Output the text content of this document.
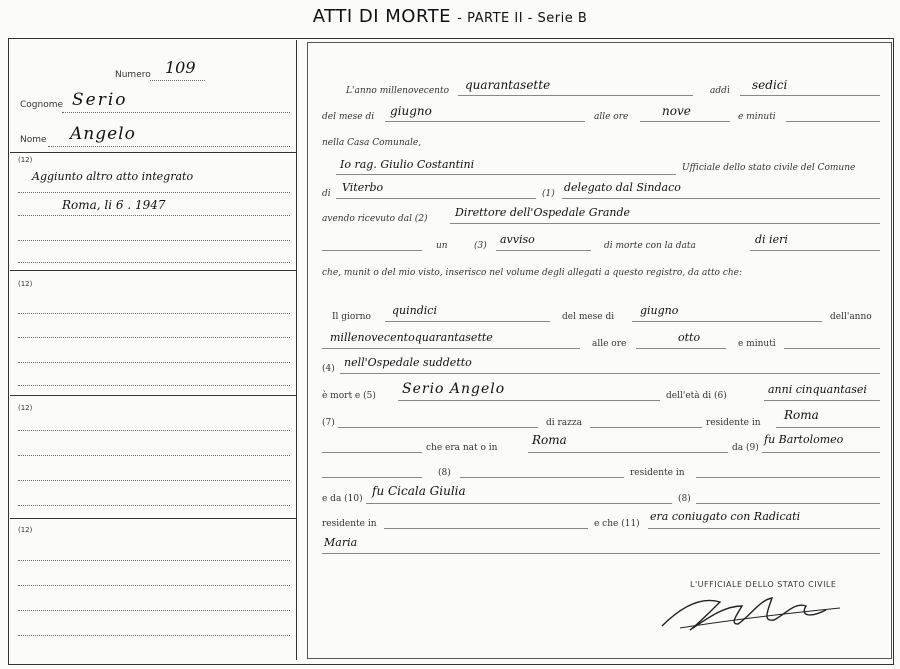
ATTI DI MORTE - PARTE II - Serie B
Numero 109
Cognome Serio
Nome Angelo
(12)
Aggiunto altro atto integrato
Roma, li 6 . 1947
(12)
(12)
(12)
L'anno millenovecento quarantasette	addì sedici
del mese di giugno	alle ore	nove	e minuti
nella Casa Comunale,
Io rag. Giulio Costantini	Ufficiale dello stato civile del Comune
di Viterbo	(1) delegato dal Sindaco
avendo ricevuto dal (2) Direttore dell'Ospedale Grande
un	(3) avviso	di morte con la data	di ieri
che, munit o del mio visto, inserisco nel volume degli allegati a questo registro, da atto che:
Il giorno quindici	del mese di giugno	dell'anno
millenovecentoquarantasette	alle ore	otto	e minuti
(4) nell'Ospedale suddetto
è mort e (5) Serio Angelo	dell'età di (6)	anni cinquantasei
(7)	di razza	residente in
Roma
che era nat o in
Roma
da (9)
fu Bartolomeo
(8)	residente in
e da (10)
fu Cicala Giulia
(8)
residente in	e che (11)
era coniugato con Radicati
Maria
L'UFFICIALE DELLO STATO CIVILE
